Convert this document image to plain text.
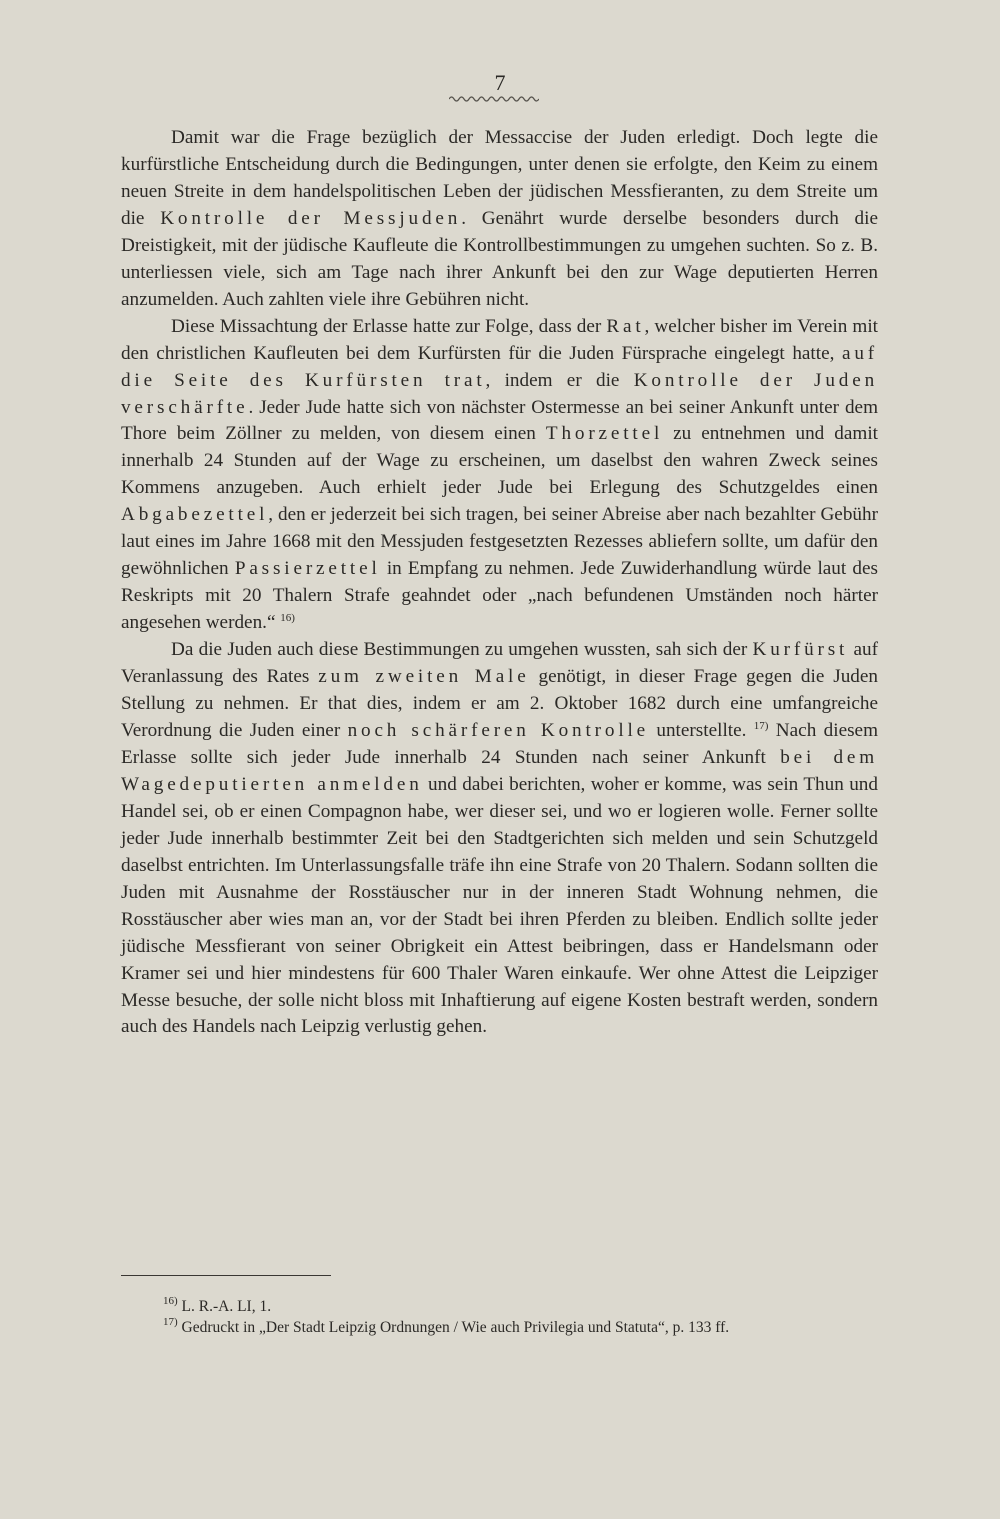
7

Damit war die Frage bezüglich der Messaccise der Juden erledigt. Doch legte die kurfürstliche Entscheidung durch die Bedingungen, unter denen sie erfolgte, den Keim zu einem neuen Streite in dem handelspolitischen Leben der jüdischen Messfieranten, zu dem Streite um die Kontrolle der Messjuden. Genährt wurde derselbe besonders durch die Dreistigkeit, mit der jüdische Kaufleute die Kontrollbestimmungen zu umgehen suchten. So z. B. unterliessen viele, sich am Tage nach ihrer Ankunft bei den zur Wage deputierten Herren anzumelden. Auch zahlten viele ihre Gebühren nicht.

Diese Missachtung der Erlasse hatte zur Folge, dass der Rat, welcher bisher im Verein mit den christlichen Kaufleuten bei dem Kurfürsten für die Juden Fürsprache eingelegt hatte, auf die Seite des Kurfürsten trat, indem er die Kontrolle der Juden verschärfte. Jeder Jude hatte sich von nächster Ostermesse an bei seiner Ankunft unter dem Thore beim Zöllner zu melden, von diesem einen Thorzettel zu entnehmen und damit innerhalb 24 Stunden auf der Wage zu erscheinen, um daselbst den wahren Zweck seines Kommens anzugeben. Auch erhielt jeder Jude bei Erlegung des Schutzgeldes einen Abgabezettel, den er jederzeit bei sich tragen, bei seiner Abreise aber nach bezahlter Gebühr laut eines im Jahre 1668 mit den Messjuden festgesetzten Rezesses abliefern sollte, um dafür den gewöhnlichen Passierzettel in Empfang zu nehmen. Jede Zuwiderhandlung würde laut des Reskripts mit 20 Thalern Strafe geahndet oder „nach befundenen Umständen noch härter angesehen werden.“ $^{16)}$

Da die Juden auch diese Bestimmungen zu umgehen wussten, sah sich der Kurfürst auf Veranlassung des Rates zum zweiten Male genötigt, in dieser Frage gegen die Juden Stellung zu nehmen. Er that dies, indem er am 2. Oktober 1682 durch eine umfangreiche Verordnung die Juden einer noch schärferen Kontrolle unterstellte. $^{17)}$ Nach diesem Erlasse sollte sich jeder Jude innerhalb 24 Stunden nach seiner Ankunft bei dem Wagedeputierten anmelden und dabei berichten, woher er komme, was sein Thun und Handel sei, ob er einen Compagnon habe, wer dieser sei, und wo er logieren wolle. Ferner sollte jeder Jude innerhalb bestimmter Zeit bei den Stadtgerichten sich melden und sein Schutzgeld daselbst entrichten. Im Unterlassungsfalle träfe ihn eine Strafe von 20 Thalern. Sodann sollten die Juden mit Ausnahme der Rosstäuscher nur in der inneren Stadt Wohnung nehmen, die Rosstäuscher aber wies man an, vor der Stadt bei ihren Pferden zu bleiben. Endlich sollte jeder jüdische Messfierant von seiner Obrigkeit ein Attest beibringen, dass er Handelsmann oder Kramer sei und hier mindestens für 600 Thaler Waren einkaufe. Wer ohne Attest die Leipziger Messe besuche, der solle nicht bloss mit Inhaftierung auf eigene Kosten bestraft werden, sondern auch des Handels nach Leipzig verlustig gehen.

$^{16)}$ L. R.-A. LI, 1.
$^{17)}$ Gedruckt in „Der Stadt Leipzig Ordnungen / Wie auch Privilegia und Statuta“, p. 133 ff.
